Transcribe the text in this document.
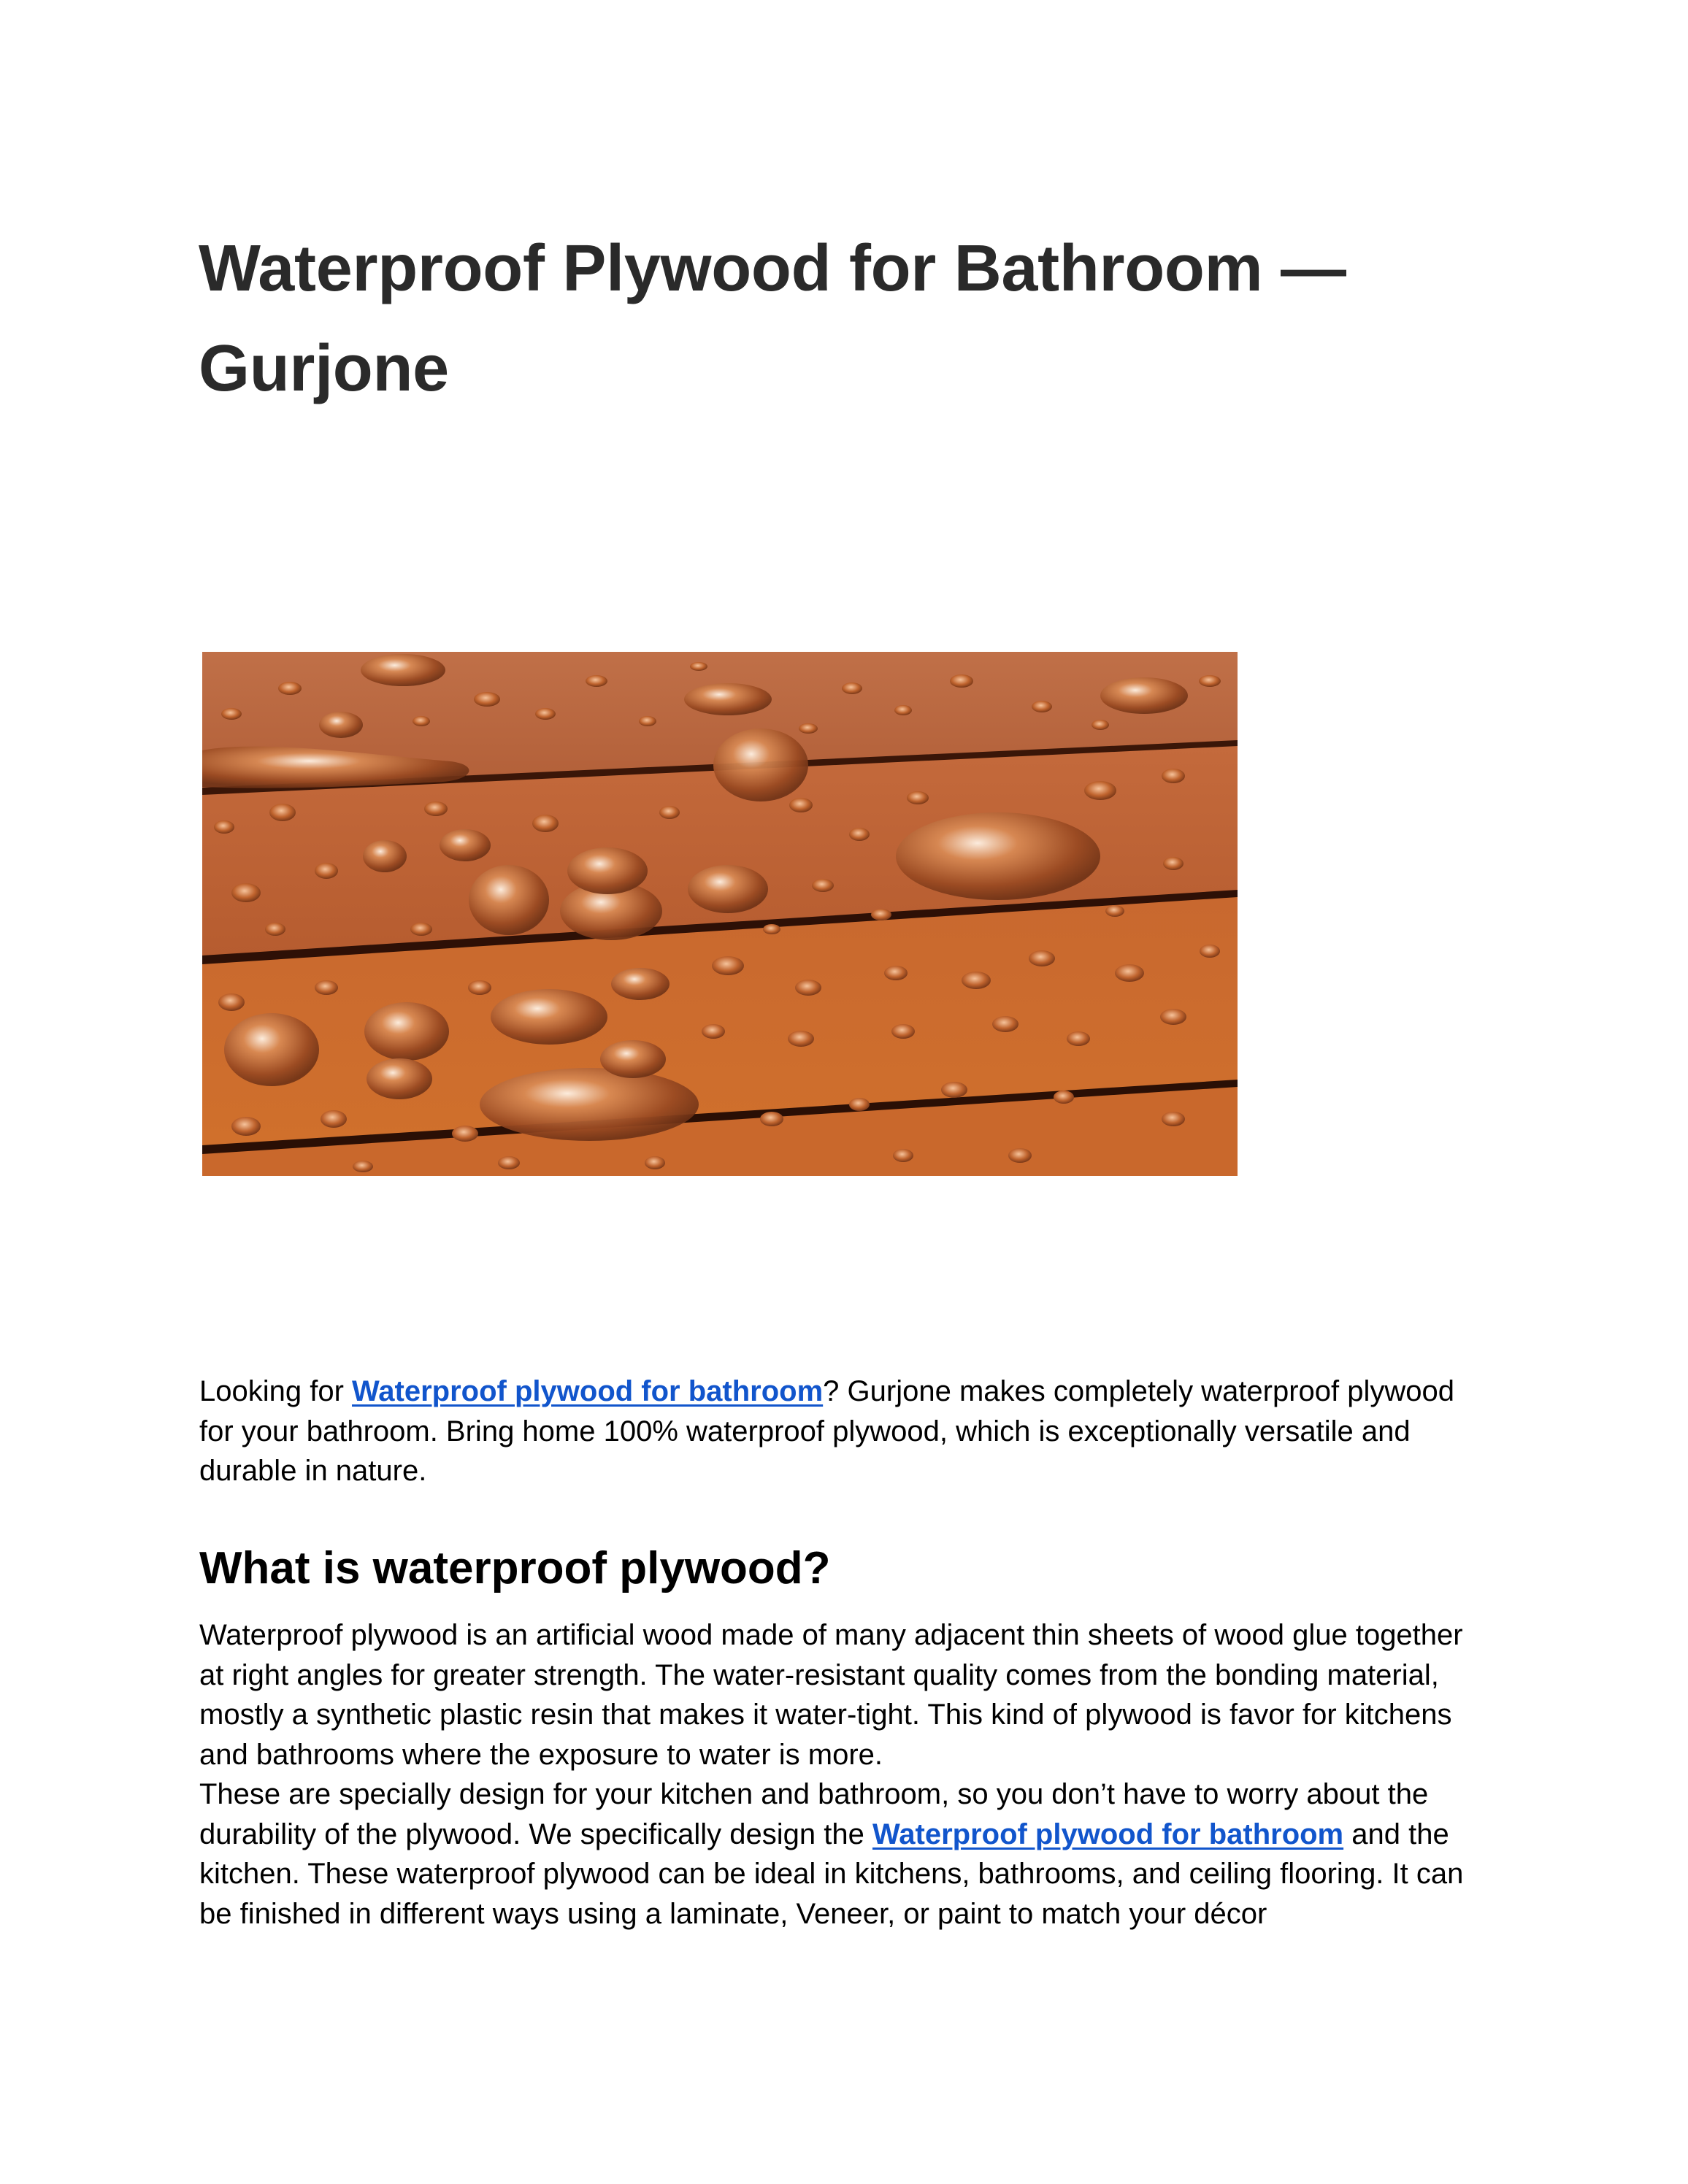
Waterproof Plywood for Bathroom — Gurjone

Looking for Waterproof plywood for bathroom? Gurjone makes completely waterproof plywood for your bathroom. Bring home 100% waterproof plywood, which is exceptionally versatile and durable in nature.

What is waterproof plywood?

Waterproof plywood is an artificial wood made of many adjacent thin sheets of wood glue together at right angles for greater strength. The water-resistant quality comes from the bonding material, mostly a synthetic plastic resin that makes it water-tight. This kind of plywood is favor for kitchens and bathrooms where the exposure to water is more.

These are specially design for your kitchen and bathroom, so you don’t have to worry about the durability of the plywood. We specifically design the Waterproof plywood for bathroom and the kitchen. These waterproof plywood can be ideal in kitchens, bathrooms, and ceiling flooring. It can be finished in different ways using a laminate, Veneer, or paint to match your décor
